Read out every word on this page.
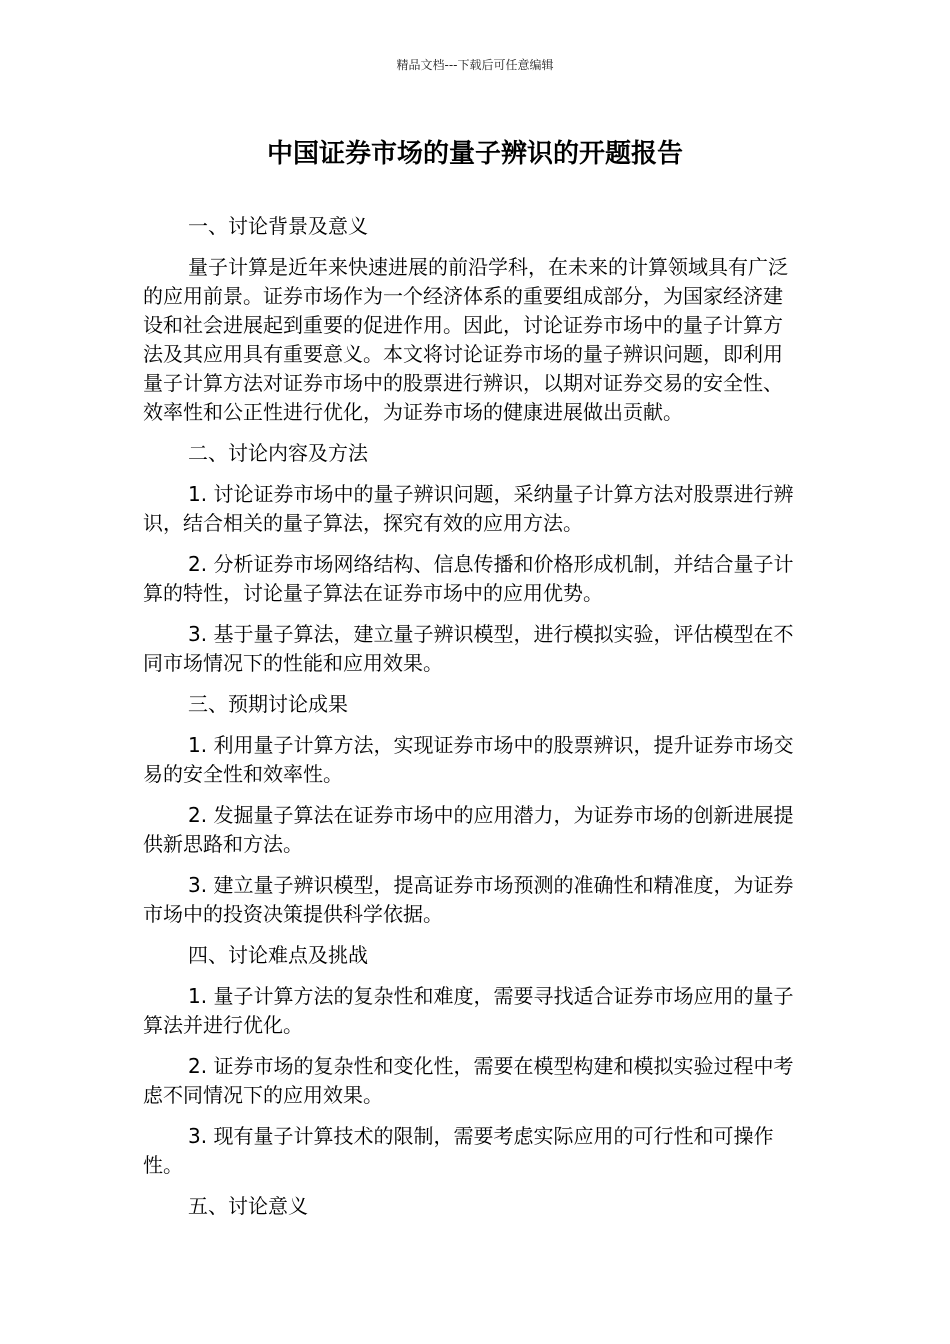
精品文档---下载后可任意编辑
中国证券市场的量子辨识的开题报告

一、讨论背景及意义

量子计算是近年来快速进展的前沿学科，在未来的计算领域具有广泛的应用前景。证券市场作为一个经济体系的重要组成部分，为国家经济建设和社会进展起到重要的促进作用。因此，讨论证券市场中的量子计算方法及其应用具有重要意义。本文将讨论证券市场的量子辨识问题，即利用量子计算方法对证券市场中的股票进行辨识，以期对证券交易的安全性、效率性和公正性进行优化，为证券市场的健康进展做出贡献。

二、讨论内容及方法

1. 讨论证券市场中的量子辨识问题，采纳量子计算方法对股票进行辨识，结合相关的量子算法，探究有效的应用方法。

2. 分析证券市场网络结构、信息传播和价格形成机制，并结合量子计算的特性，讨论量子算法在证券市场中的应用优势。

3. 基于量子算法，建立量子辨识模型，进行模拟实验，评估模型在不同市场情况下的性能和应用效果。

三、预期讨论成果

1. 利用量子计算方法，实现证券市场中的股票辨识，提升证券市场交易的安全性和效率性。

2. 发掘量子算法在证券市场中的应用潜力，为证券市场的创新进展提供新思路和方法。

3. 建立量子辨识模型，提高证券市场预测的准确性和精准度，为证券市场中的投资决策提供科学依据。

四、讨论难点及挑战

1. 量子计算方法的复杂性和难度，需要寻找适合证券市场应用的量子算法并进行优化。

2. 证券市场的复杂性和变化性，需要在模型构建和模拟实验过程中考虑不同情况下的应用效果。

3. 现有量子计算技术的限制，需要考虑实际应用的可行性和可操作性。

五、讨论意义
